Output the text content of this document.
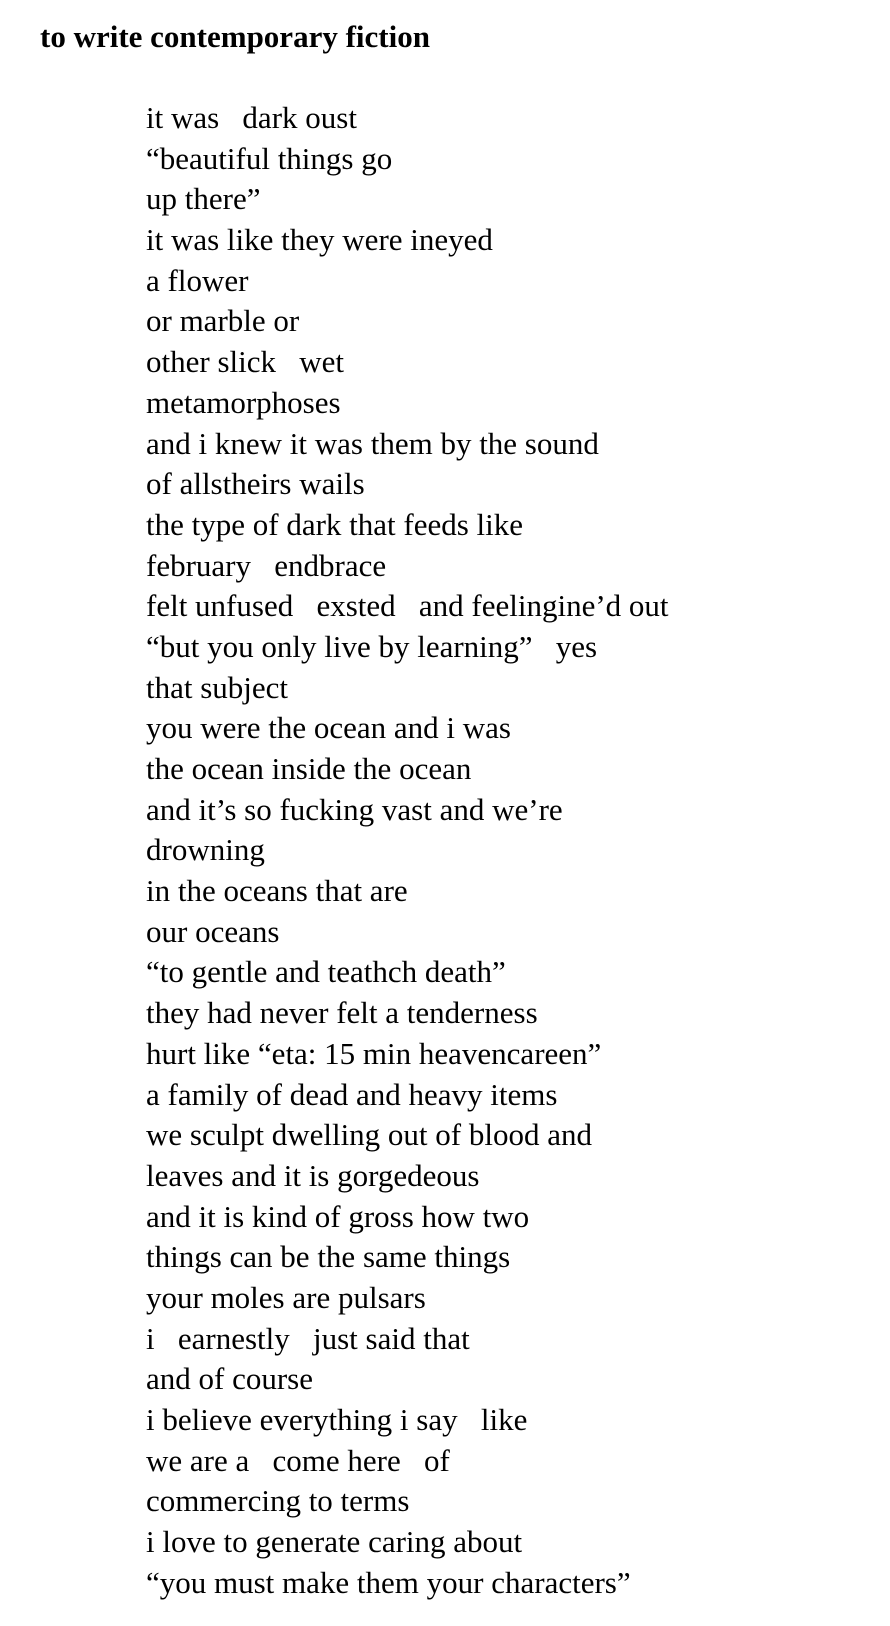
to write contemporary fiction
it was   dark oust
“beautiful things go
up there”
it was like they were ineyed
a flower
or marble or
other slick   wet
metamorphoses
and i knew it was them by the sound
of allstheirs wails
the type of dark that feeds like
february   endbrace
felt unfused   exsted   and feelingine’d out
“but you only live by learning”   yes
that subject
you were the ocean and i was
the ocean inside the ocean
and it’s so fucking vast and we’re
drowning
in the oceans that are
our oceans
“to gentle and teathch death”
they had never felt a tenderness
hurt like “eta: 15 min heavencareen”
a family of dead and heavy items
we sculpt dwelling out of blood and
leaves and it is gorgedeous
and it is kind of gross how two
things can be the same things
your moles are pulsars
i   earnestly   just said that
and of course
i believe everything i say   like
we are a   come here   of
commercing to terms
i love to generate caring about
“you must make them your characters”
